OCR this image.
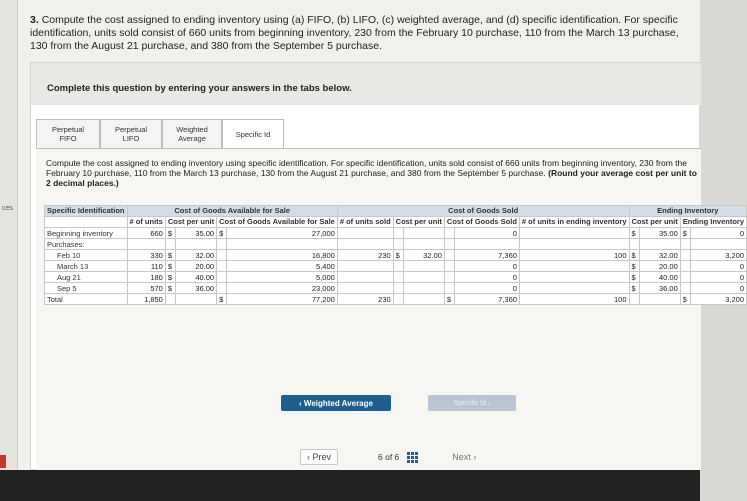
ces
3. Compute the cost assigned to ending inventory using (a) FIFO, (b) LIFO, (c) weighted average, and (d) specific identification. For specific identification, units sold consist of 660 units from beginning inventory, 230 from the February 10 purchase, 110 from the March 13 purchase, 130 from the August 21 purchase, and 380 from the September 5 purchase.
Complete this question by entering your answers in the tabs below.
Perpetual FIFO
Perpetual LIFO
Weighted Average	Specific Id
Compute the cost assigned to ending inventory using specific identification. For specific identification, units sold consist of 660 units from beginning inventory, 230 from the February 10 purchase, 110 from the March 13 purchase, 130 from the August 21 purchase, and 380 from the September 5 purchase. (Round your average cost per unit to 2 decimal places.)
Specific Identification	Cost of Goods Available for Sale					Cost of Goods Sold						Ending Inventory			
	# of units	Cost per unit		Cost of Goods Available for Sale		# of units sold	Cost per unit		Cost of Goods Sold		# of units in ending inventory	Cost per unit		Ending Inventory	
Beginning inventory	660	$	35.00	$	27,000					0		$	35.00	$	0
Purchases:															
Feb 10	330	$	32.00		16,800	230	$	32.00		7,360	100	$	32.00		3,200
March 13	110	$	20.00		5,400					0		$	20.00		0
Aug 21	180	$	40.00		5,000					0		$	40.00		0
Sep 5	570	$	36.00		23,000					0		$	36.00		0
Total	1,850			$	77,200	230			$	7,360	100			$	3,200
‹ Weighted Average	Specific Id ›
‹ Prev	6 of 6	Next ›
